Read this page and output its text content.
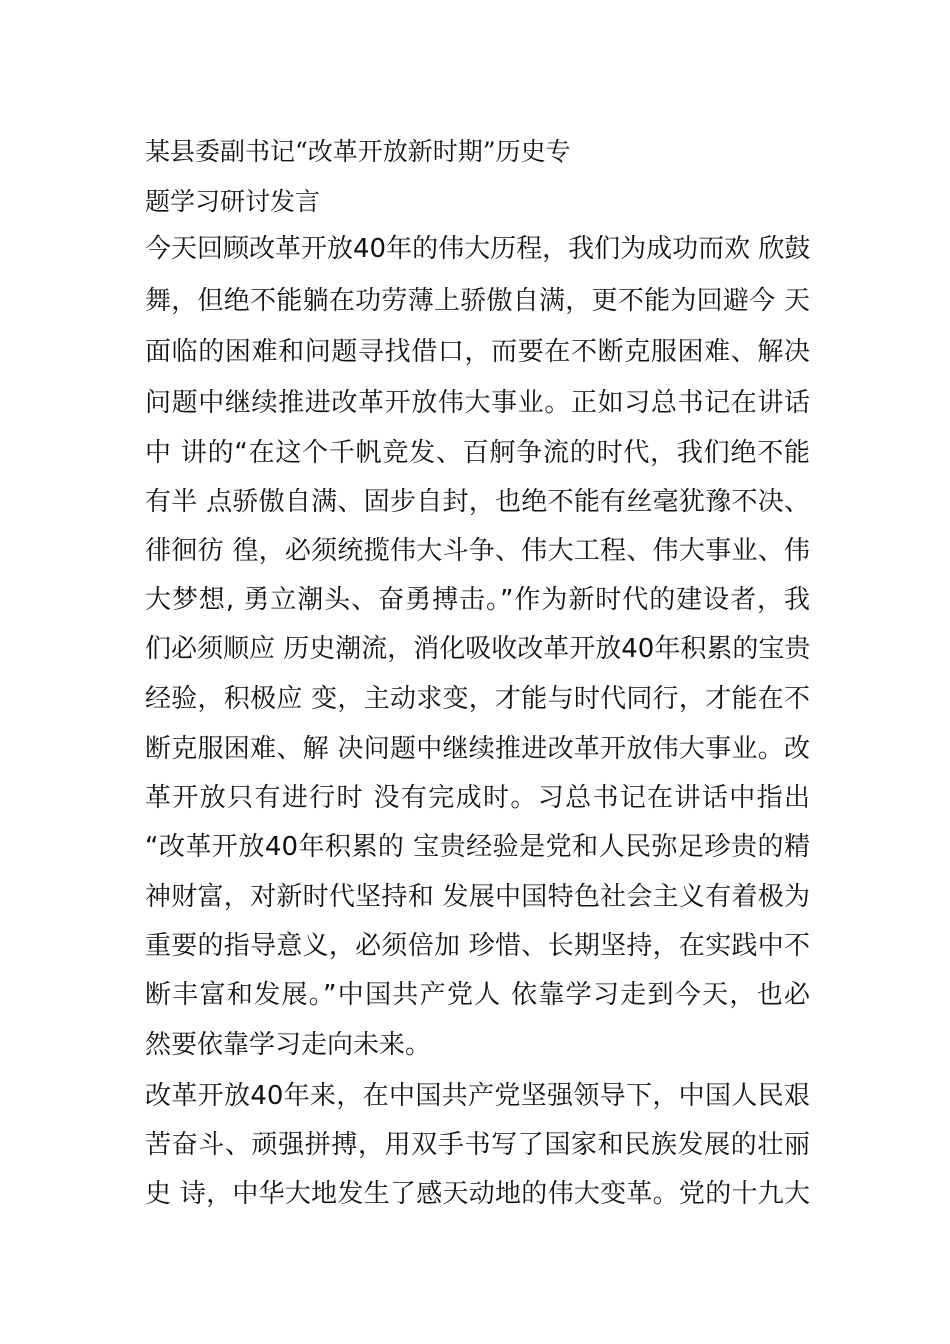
某县委副书记“改革开放新时期”历史专
题学习研讨发言
今天回顾改革开放40年的伟大历程，我们为成功而欢 欣鼓
舞，但绝不能躺在功劳薄上骄傲自满，更不能为回避今 天
面临的困难和问题寻找借口，而要在不断克服困难、解决
问题中继续推进改革开放伟大事业。正如习总书记在讲话
中 讲的“在这个千帆竞发、百舸争流的时代，我们绝不能
有半 点骄傲自满、固步自封，也绝不能有丝毫犹豫不决、
徘徊彷 徨，必须统揽伟大斗争、伟大工程、伟大事业、伟
大梦想, 勇立潮头、奋勇搏击。”作为新时代的建设者，我
们必须顺应 历史潮流，消化吸收改革开放40年积累的宝贵
经验，积极应 变，主动求变，才能与时代同行，才能在不
断克服困难、解 决问题中继续推进改革开放伟大事业。改
革开放只有进行时 没有完成时。习总书记在讲话中指出
“改革开放40年积累的 宝贵经验是党和人民弥足珍贵的精
神财富，对新时代坚持和 发展中国特色社会主义有着极为
重要的指导意义，必须倍加 珍惜、长期坚持，在实践中不
断丰富和发展。”中国共产党人 依靠学习走到今天，也必
然要依靠学习走向未来。
改革开放40年来，在中国共产党坚强领导下，中国人民艰
苦奋斗、顽强拼搏，用双手书写了国家和民族发展的壮丽
史 诗，中华大地发生了感天动地的伟大变革。党的十九大
